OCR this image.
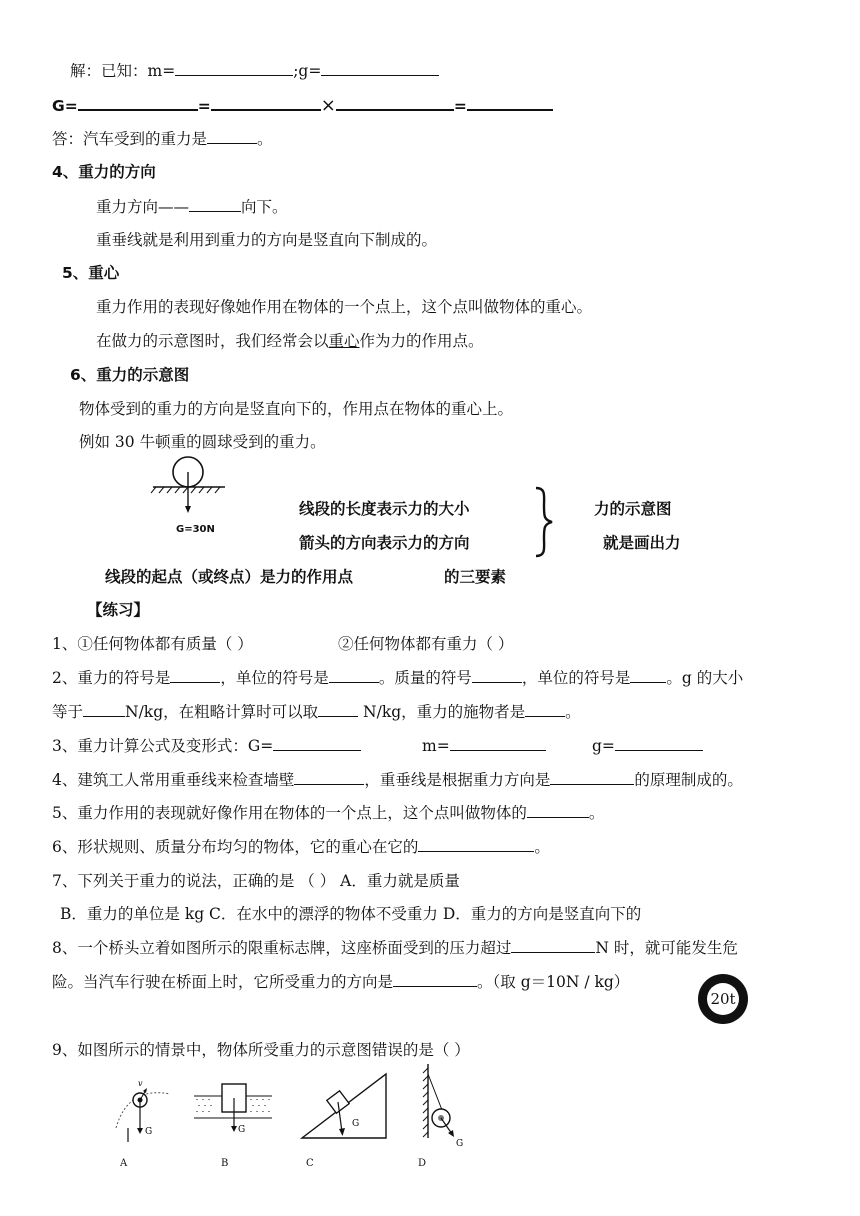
解：已知：m=	;g=
G=	=	×	=
答：汽车受到的重力是	。
4、重力的方向
重力方向——	向下。
重垂线就是利用到重力的方向是竖直向下制成的。
5、重心
重力作用的表现好像她作用在物体的一个点上，这个点叫做物体的重心。
在做力的示意图时，我们经常会以重心作为力的作用点。
6、重力的示意图
物体受到的重力的方向是竖直向下的，作用点在物体的重心上。
例如 30 牛顿重的圆球受到的重力。
G=30N
线段的长度表示力的大小
箭头的方向表示力的方向
力的示意图
就是画出力
线段的起点（或终点）是力的作用点	的三要素
【练习】
1、①任何物体都有质量（ ）	②任何物体都有重力（ ）
2、重力的符号是	，单位的符号是	。质量的符号	，单位的符号是 。g 的大小
等于	N/kg，在粗略计算时可以取	N/kg，重力的施物者是	。
3、重力计算公式及变形式：G=	m=	g=
4、建筑工人常用重垂线来检查墙壁	，重垂线是根据重力方向是	的原理制成的。
5、重力作用的表现就好像作用在物体的一个点上，这个点叫做物体的	。
6、形状规则、质量分布均匀的物体，它的重心在它的	。
7、下列关于重力的说法，正确的是 （ ） A．重力就是质量
B．重力的单位是 kg C．在水中的漂浮的物体不受重力 D．重力的方向是竖直向下的
8、一个桥头立着如图所示的限重标志牌，这座桥面受到的压力超过	N 时，就可能发生危
险。当汽车行驶在桥面上时，它所受重力的方向是	。（取 g＝10N / kg）
20t
9、如图所示的情景中，物体所受重力的示意图错误的是（ ）
v
G	G
G
G
A	B	C	D
